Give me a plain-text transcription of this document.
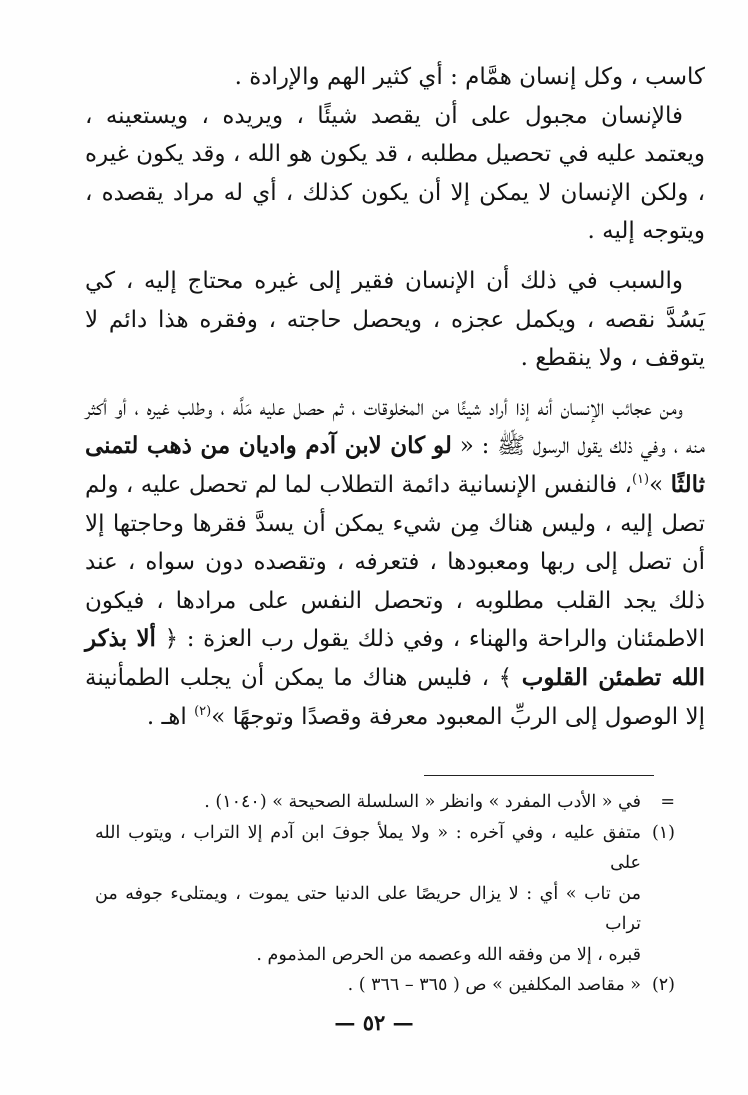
كاسب ، وكل إنسان همَّام : أي كثير الهم والإرادة .

فالإنسان مجبول على أن يقصد شيئًا ، ويريده ، ويستعينه ، ويعتمد عليه في تحصيل مطلبه ، قد يكون هو الله ، وقد يكون غيره ، ولكن الإنسان لا يمكن إلا أن يكون كذلك ، أي له مراد يقصده ، ويتوجه إليه .

والسبب في ذلك أن الإنسان فقير إلى غيره محتاج إليه ، كي يَسُدَّ نقصه ، ويكمل عجزه ، ويحصل حاجته ، وفقره هذا دائم لا يتوقف ، ولا ينقطع .

ومن عجائب الإنسان أنه إذا أراد شيئًا من المخلوقات ، ثم حصل عليه مَلَّه ، وطلب غيره ، أو أكثر منه ، وفي ذلك يقول الرسول ﷺ : « لو كان لابن آدم واديان من ذهب لتمنى ثالثًا »$^{(١)}$، فالنفس الإنسانية دائمة التطلاب لما لم تحصل عليه ، ولم تصل إليه ، وليس هناك مِن شيء يمكن أن يسدَّ فقرها وحاجتها إلا أن تصل إلى ربها ومعبودها ، فتعرفه ، وتقصده دون سواه ، عند ذلك يجد القلب مطلوبه ، وتحصل النفس على مرادها ، فيكون الاطمئنان والراحة والهناء ، وفي ذلك يقول رب العزة : ﴿ ألا بذكر الله تطمئن القلوب ﴾ ، فليس هناك ما يمكن أن يجلب الطمأنينة إلا الوصول إلى الربِّ المعبود معرفة وقصدًا وتوجهًا »$^{(٢)}$ اهـ .

=

في « الأدب المفرد » وانظر « السلسلة الصحيحة » (١٠٤٠) .

(١)

متفق عليه ، وفي آخره : « ولا يملأ جوفَ ابن آدم إلا التراب ، ويتوب الله على

من تاب » أي : لا يزال حريصًا على الدنيا حتى يموت ، ويمتلىء جوفه من تراب

قبره ، إلا من وفقه الله وعصمه من الحرص المذموم .

(٢)

« مقاصد المكلفين » ص ( ٣٦٥ – ٣٦٦ ) .

— ٥٢ —
